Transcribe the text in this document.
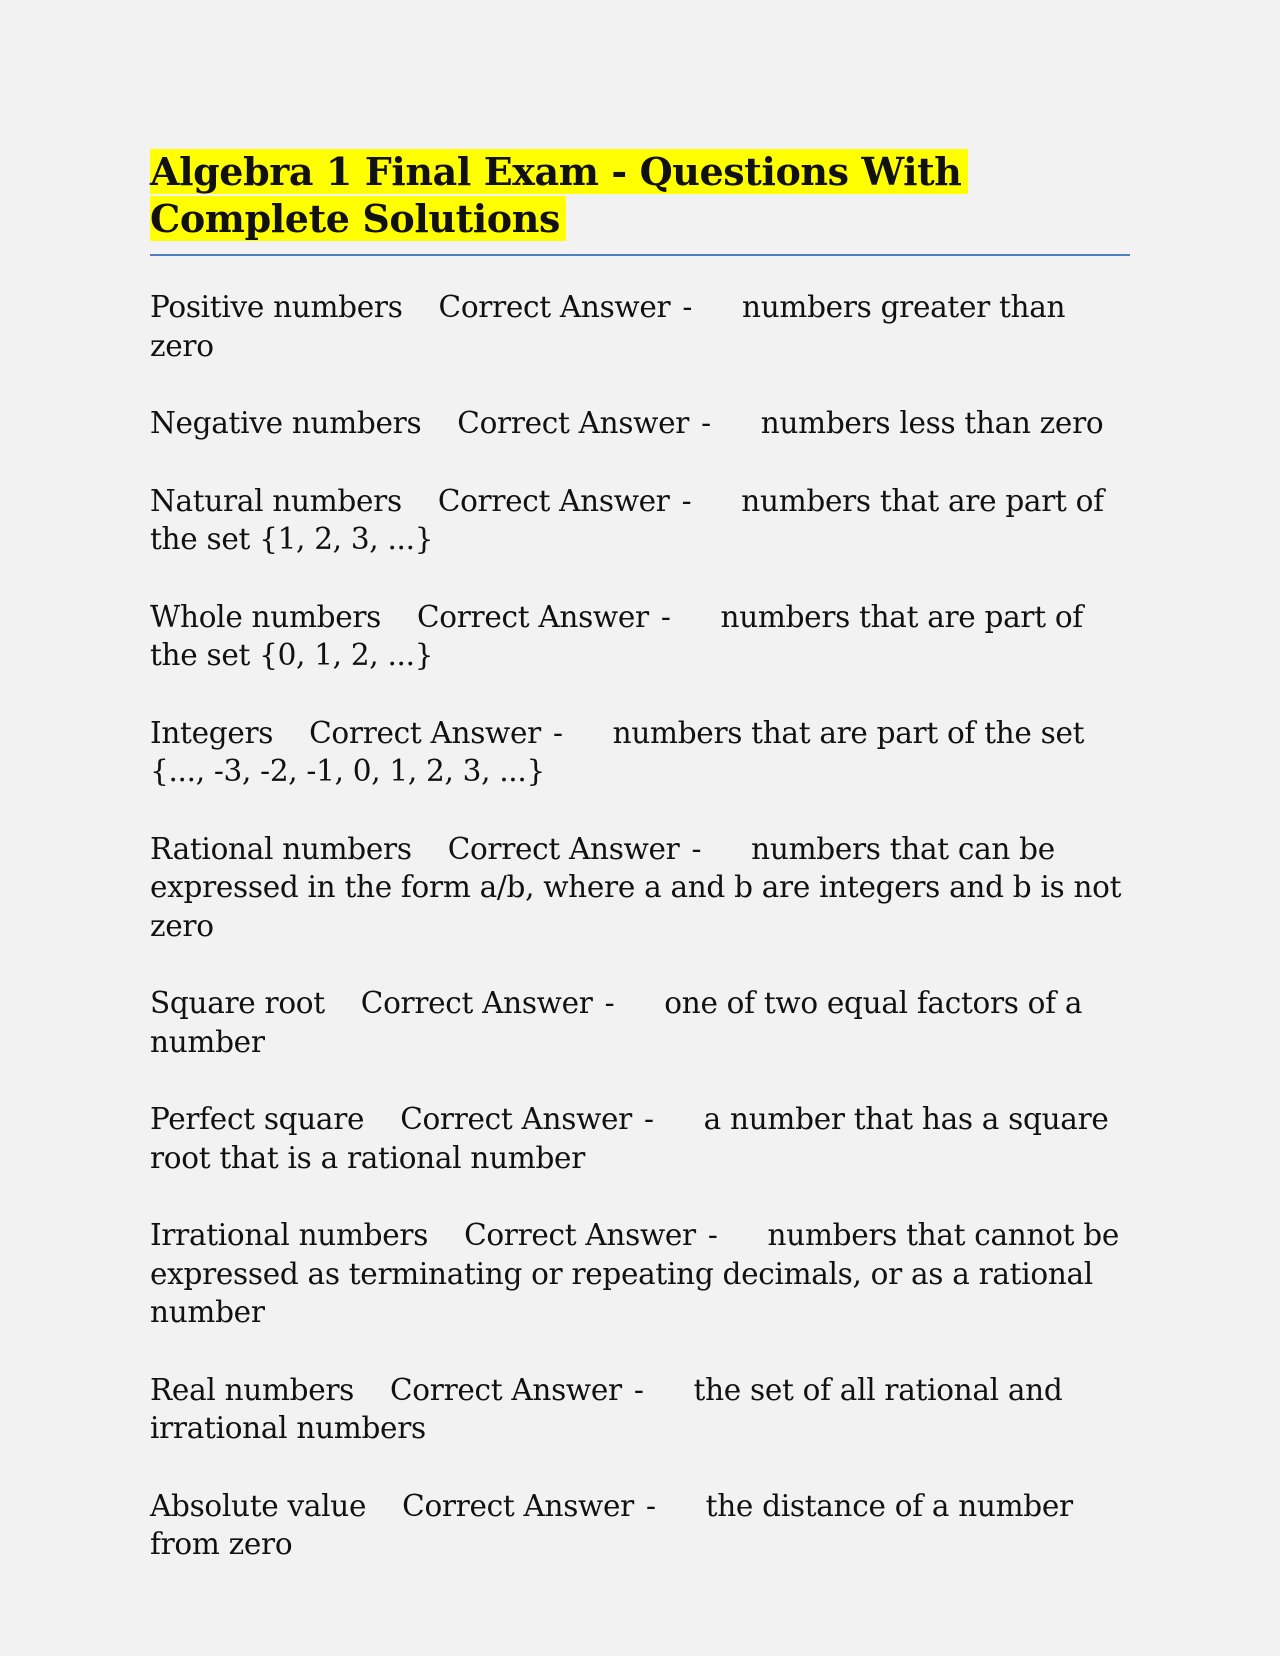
Algebra 1 Final Exam - Questions With Complete Solutions

Positive numbers Correct Answer - numbers greater than zero

Negative numbers Correct Answer - numbers less than zero

Natural numbers Correct Answer - numbers that are part of the set {1, 2, 3, ...}

Whole numbers Correct Answer - numbers that are part of the set {0, 1, 2, ...}

Integers Correct Answer - numbers that are part of the set {..., -3, -2, -1, 0, 1, 2, 3, ...}

Rational numbers Correct Answer - numbers that can be expressed in the form a/b, where a and b are integers and b is not zero

Square root Correct Answer - one of two equal factors of a number

Perfect square Correct Answer - a number that has a square root that is a rational number

Irrational numbers Correct Answer - numbers that cannot be expressed as terminating or repeating decimals, or as a rational number

Real numbers Correct Answer - the set of all rational and irrational numbers

Absolute value Correct Answer - the distance of a number from zero
